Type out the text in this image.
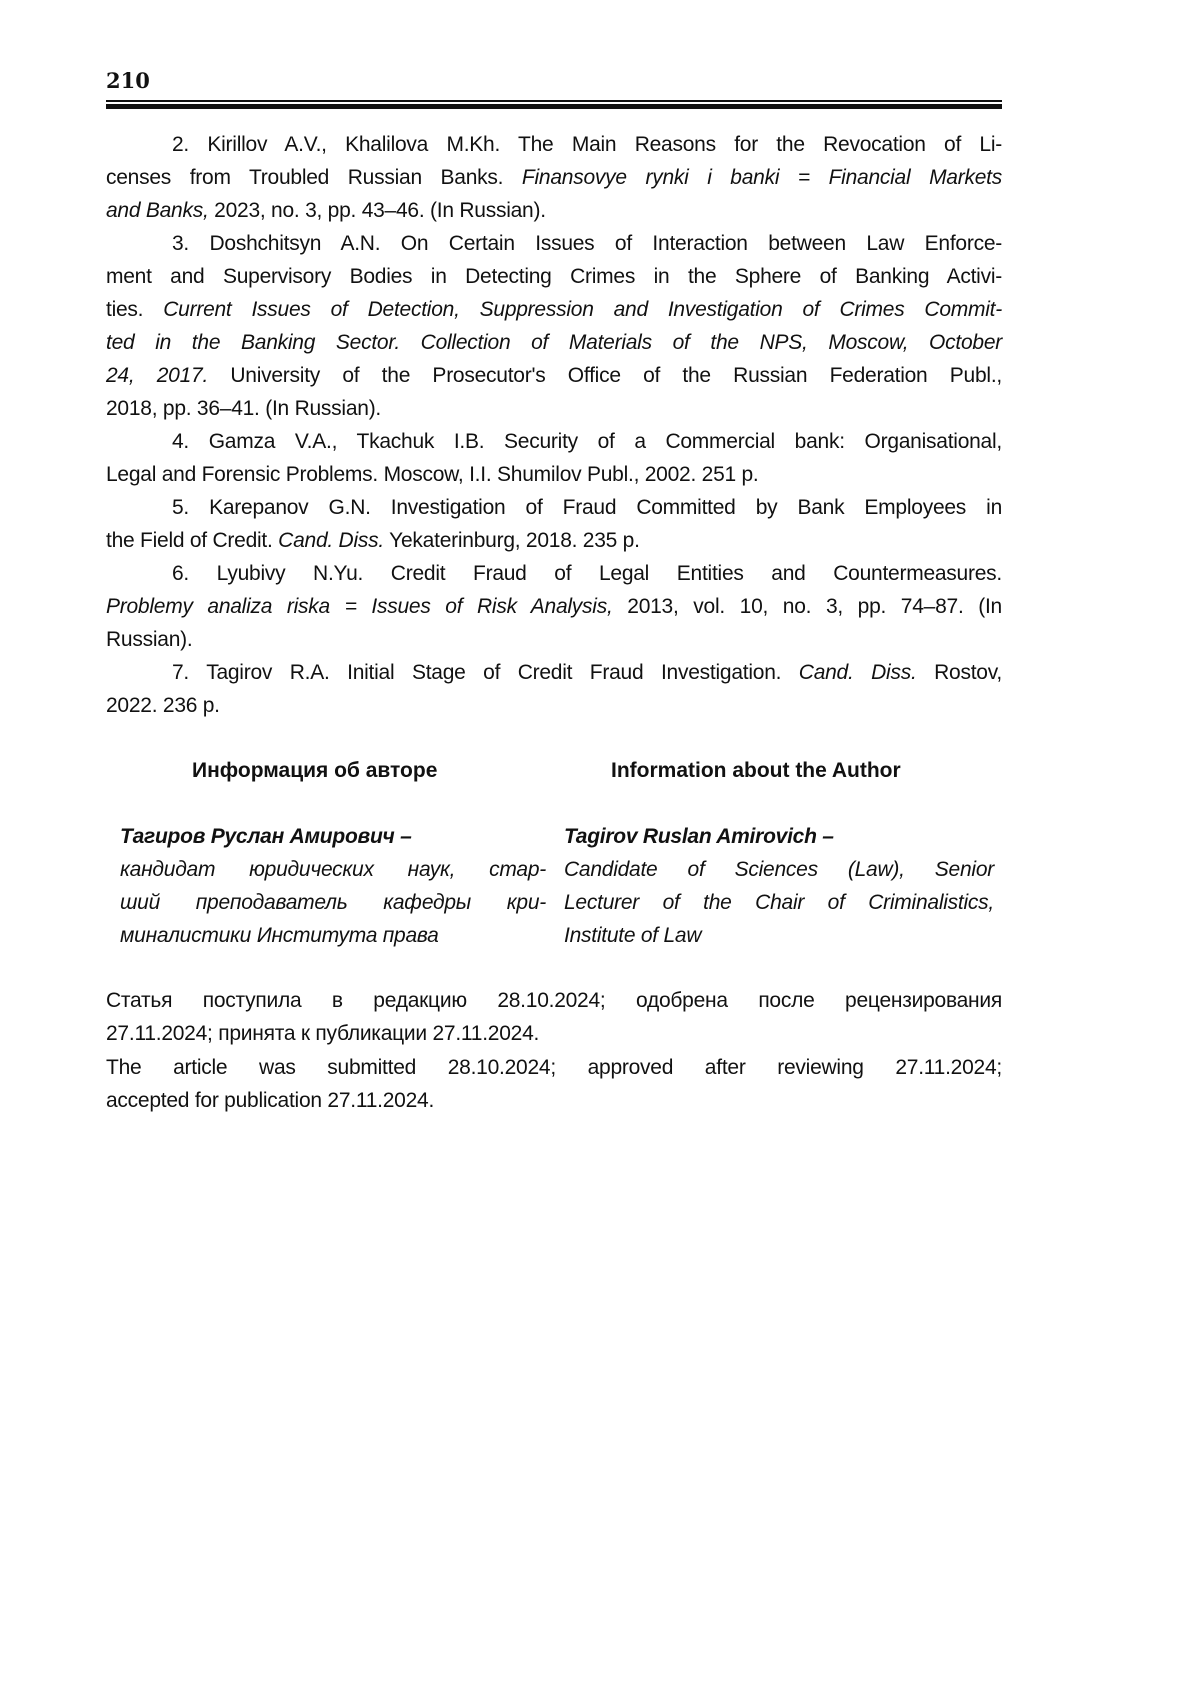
210
2. Kirillov A.V., Khalilova M.Kh. The Main Reasons for the Revocation of Li-
censes from Troubled Russian Banks. Finansovye rynki i banki = Financial Markets
and Banks, 2023, no. 3, pp. 43–46. (In Russian).
3. Doshchitsyn A.N. On Certain Issues of Interaction between Law Enforce-
ment and Supervisory Bodies in Detecting Crimes in the Sphere of Banking Activi-
ties. Current Issues of Detection, Suppression and Investigation of Crimes Commit-
ted in the Banking Sector. Collection of Materials of the NPS, Moscow, October
24, 2017. University of the Prosecutor's Office of the Russian Federation Publ.,
2018, pp. 36–41. (In Russian).
4. Gamza V.A., Tkachuk I.B. Security of a Commercial bank: Organisational,
Legal and Forensic Problems. Moscow, I.I. Shumilov Publ., 2002. 251 p.
5. Karepanov G.N. Investigation of Fraud Committed by Bank Employees in
the Field of Credit. Cand. Diss. Yekaterinburg, 2018. 235 p.
6. Lyubivy N.Yu. Credit Fraud of Legal Entities and Countermeasures.
Problemy analiza riska = Issues of Risk Analysis, 2013, vol. 10, no. 3, pp. 74–87. (In
Russian).
7. Tagirov R.A. Initial Stage of Credit Fraud Investigation. Cand. Diss. Rostov,
2022. 236 p.
Информация об авторе	Information about the Author
Тагиров Руслан Амирович –
кандидат юридических наук, стар-
ший преподаватель кафедры кри-
миналистики Института права
Tagirov Ruslan Amirovich –
Candidate of Sciences (Law), Senior
Lecturer of the Chair of Criminalistics,
Institute of Law
Статья поступила в редакцию 28.10.2024; одобрена после рецензирования
27.11.2024; принята к публикации 27.11.2024.
The article was submitted 28.10.2024; approved after reviewing 27.11.2024;
accepted for publication 27.11.2024.
